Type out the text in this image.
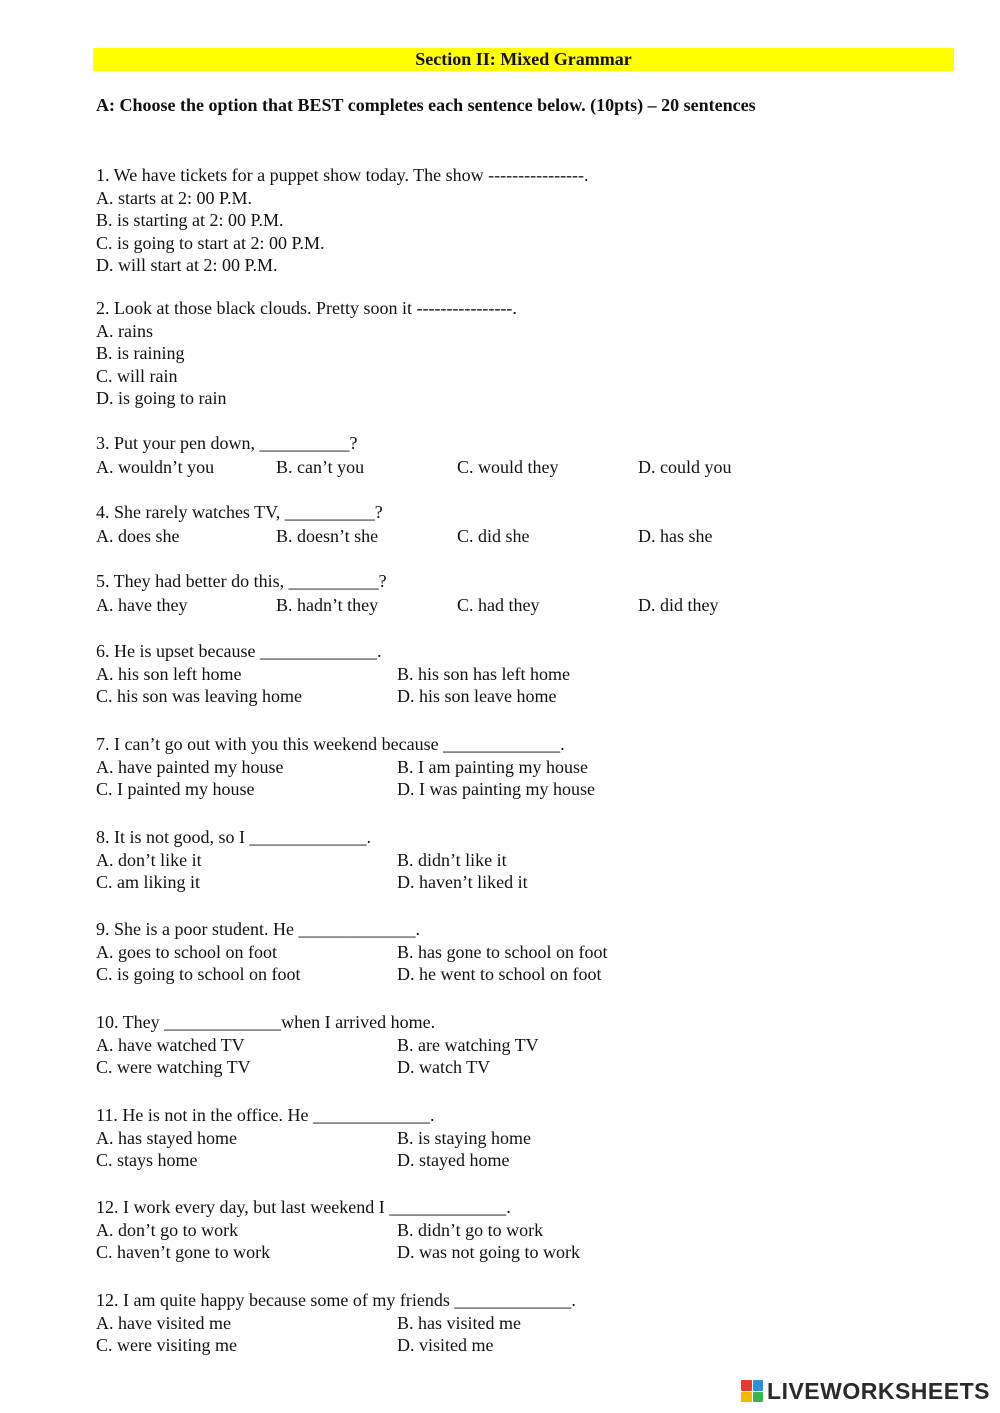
Section II: Mixed Grammar
A: Choose the option that BEST completes each sentence below. (10pts) – 20 sentences
1. We have tickets for a puppet show today. The show ----------------.
A. starts at 2: 00 P.M.
B. is starting at 2: 00 P.M.
C. is going to start at 2: 00 P.M.
D. will start at 2: 00 P.M.
2. Look at those black clouds. Pretty soon it ----------------.
A. rains
B. is raining
C. will rain
D. is going to rain
3. Put your pen down, __________?
A. wouldn’t you	B. can’t you	C. would they	D. could you
4. She rarely watches TV, __________?
A. does she	B. doesn’t she	C. did she	D. has she
5. They had better do this, __________?
A. have they	B. hadn’t they	C. had they	D. did they
6. He is upset because _____________.
A. his son left home	B. his son has left home
C. his son was leaving home	D. his son leave home
7. I can’t go out with you this weekend because _____________.
A. have painted my house	B. I am painting my house
C. I painted my house	D. I was painting my house
8. It is not good, so I _____________.
A. don’t like it	B. didn’t like it
C. am liking it	D. haven’t liked it
9. She is a poor student. He _____________.
A. goes to school on foot	B. has gone to school on foot
C. is going to school on foot	D. he went to school on foot
10. They _____________when I arrived home.
A. have watched TV	B. are watching TV
C. were watching TV	D. watch TV
11. He is not in the office. He _____________.
A. has stayed home	B. is staying home
C. stays home	D. stayed home
12. I work every day, but last weekend I _____________.
A. don’t go to work	B. didn’t go to work
C. haven’t gone to work	D. was not going to work
12. I am quite happy because some of my friends _____________.
A. have visited me	B. has visited me
C. were visiting me	D. visited me
LIVEWORKSHEETS
